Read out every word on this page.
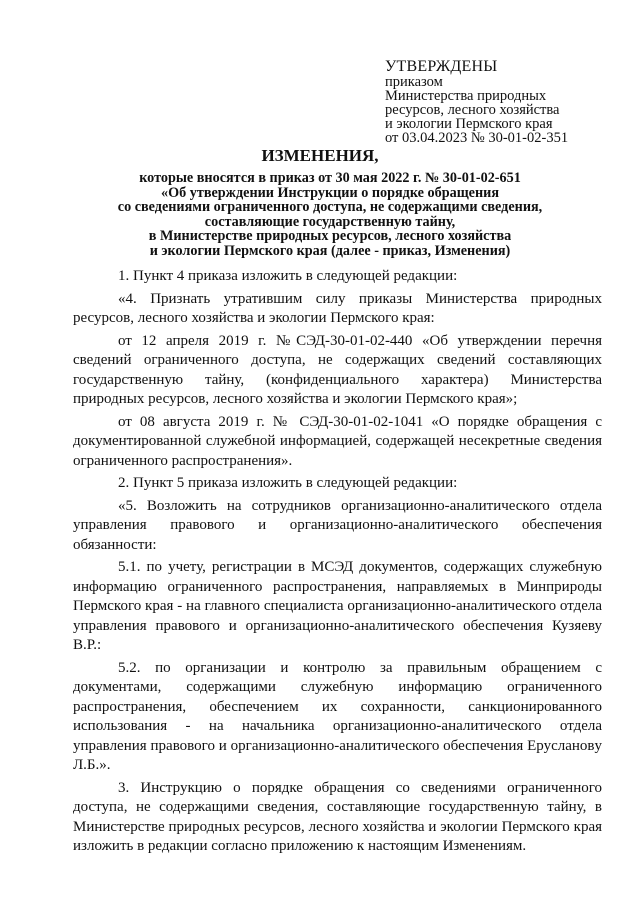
УТВЕРЖДЕНЫ
приказом
Министерства природных
ресурсов, лесного хозяйства
и экологии Пермского края
от 03.04.2023 № 30-01-02-351
ИЗМЕНЕНИЯ,
которые вносятся в приказ от 30 мая 2022 г. № 30-01-02-651
«Об утверждении Инструкции о порядке обращения
со сведениями ограниченного доступа, не содержащими сведения,
составляющие государственную тайну,
в Министерстве природных ресурсов, лесного хозяйства
и экологии Пермского края (далее - приказ, Изменения)

1. Пункт 4 приказа изложить в следующей редакции:

«4. Признать утратившим силу приказы Министерства природных ресурсов, лесного хозяйства и экологии Пермского края:

от 12 апреля 2019 г. №СЭД-30-01-02-440 «Об утверждении перечня сведений ограниченного доступа, не содержащих сведений составляющих государственную тайну, (конфиденциального характера) Министерства природных ресурсов, лесного хозяйства и экологии Пермского края»;

от 08 августа 2019 г. № СЭД-30-01-02-1041 «О порядке обращения с документированной служебной информацией, содержащей несекретные сведения ограниченного распространения».

2. Пункт 5 приказа изложить в следующей редакции:

«5. Возложить на сотрудников организационно-аналитического отдела управления правового и организационно-аналитического обеспечения обязанности:

5.1. по учету, регистрации в МСЭД документов, содержащих служебную информацию ограниченного распространения, направляемых в Минприроды Пермского края - на главного специалиста организационно-аналитического отдела управления правового и организационно-аналитического обеспечения Кузяеву В.Р.:

5.2. по организации и контролю за правильным обращением с документами, содержащими служебную информацию ограниченного распространения, обеспечением их сохранности, санкционированного использования - на начальника организационно-аналитического отдела управления правового и организационно-аналитического обеспечения Еруслановy Л.Б.».

3. Инструкцию о порядке обращения со сведениями ограниченного доступа, не содержащими сведения, составляющие государственную тайну, в Министерстве природных ресурсов, лесного хозяйства и экологии Пермского края изложить в редакции согласно приложению к настоящим Изменениям.
